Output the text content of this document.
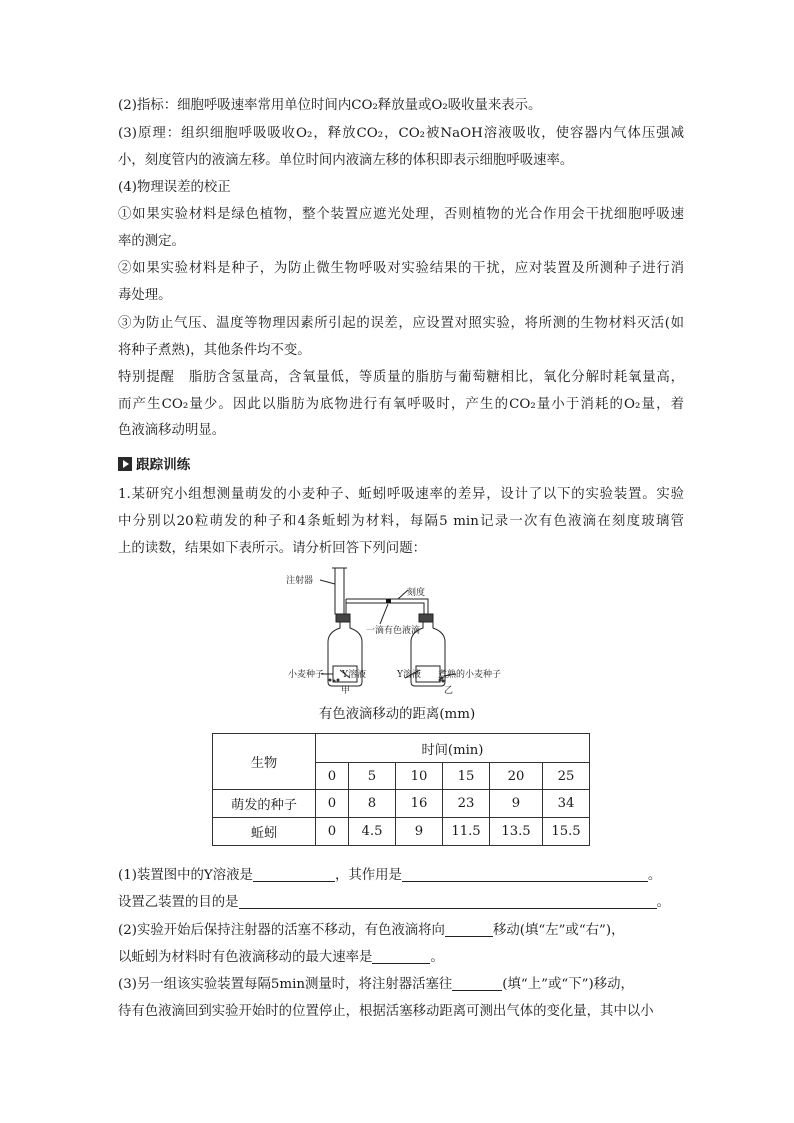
(2)指标：细胞呼吸速率常用单位时间内CO₂释放量或O₂吸收量来表示。
(3)原理：组织细胞呼吸吸收O₂，释放CO₂，CO₂被NaOH溶液吸收，使容器内气体压强减
小，刻度管内的液滴左移。单位时间内液滴左移的体积即表示细胞呼吸速率。
(4)物理误差的校正
①如果实验材料是绿色植物，整个装置应遮光处理，否则植物的光合作用会干扰细胞呼吸速
率的测定。
②如果实验材料是种子，为防止微生物呼吸对实验结果的干扰，应对装置及所测种子进行消
毒处理。
③为防止气压、温度等物理因素所引起的误差，应设置对照实验，将所测的生物材料灭活(如
将种子煮熟)，其他条件均不变。
特别提醒　脂肪含氢量高，含氧量低，等质量的脂肪与葡萄糖相比，氧化分解时耗氧量高，
而产生CO₂量少。因此以脂肪为底物进行有氧呼吸时，产生的CO₂量小于消耗的O₂量，着
色液滴移动明显。
跟踪训练
1.某研究小组想测量萌发的小麦种子、蚯蚓呼吸速率的差异，设计了以下的实验装置。实验
中分别以20粒萌发的种子和4条蚯蚓为材料，每隔5 min记录一次有色液滴在刻度玻璃管
上的读数，结果如下表所示。请分析回答下列问题：
注射器
刻度
一滴有色液滴
小麦种子 Y溶液	Y溶液 煮熟的小麦种子
甲	乙
有色液滴移动的距离(mm)
生物	时间(min)					
	0	5	10	15	20	25
萌发的种子	0	8	16	23	9	34
蚯蚓	0	4.5	9	11.5	13.5	15.5
(1)装置图中的Y溶液是	，其作用是	。
设置乙装置的目的是	。
(2)实验开始后保持注射器的活塞不移动，有色液滴将向	移动(填“左”或“右”)，
以蚯蚓为材料时有色液滴移动的最大速率是	。
(3)另一组该实验装置每隔5min测量时，将注射器活塞往	(填“上”或“下”)移动，
待有色液滴回到实验开始时的位置停止，根据活塞移动距离可测出气体的变化量，其中以小
